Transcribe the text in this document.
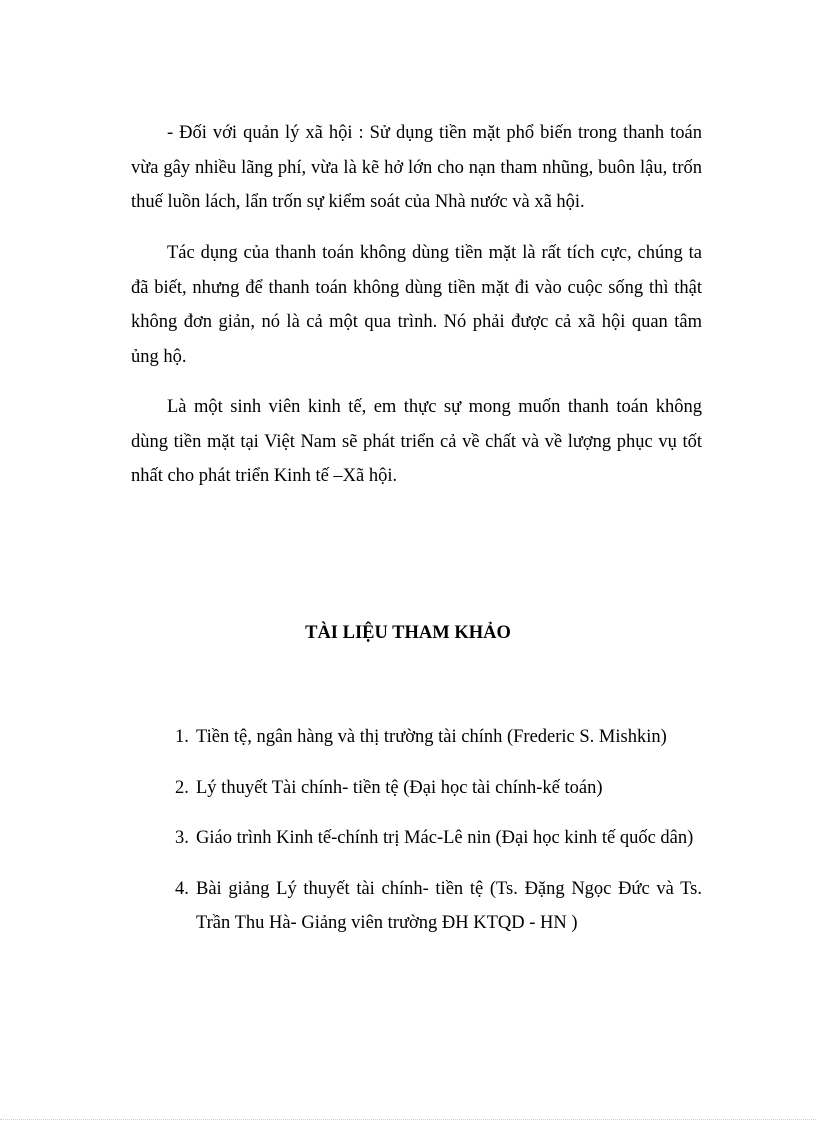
- Đối với quản lý xã hội : Sử dụng tiền mặt phổ biến trong thanh toán vừa gây nhiều lãng phí, vừa là kẽ hở lớn cho nạn tham nhũng, buôn lậu, trốn thuế luồn lách, lẩn trốn sự kiểm soát của Nhà nước và xã hội.

Tác dụng của thanh toán không dùng tiền mặt là rất tích cực, chúng ta đã biết, nhưng để thanh toán không dùng tiền mặt đi vào cuộc sống thì thật không đơn giản, nó là cả một qua trình. Nó phải được cả xã hội quan tâm ủng hộ.

Là một sinh viên kinh tế, em thực sự mong muốn thanh toán không dùng tiền mặt tại Việt Nam sẽ phát triển cả về chất và về lượng phục vụ tốt nhất cho phát triển Kinh tế –Xã hội.

TÀI LIỆU THAM KHẢO
1. Tiền tệ, ngân hàng và thị trường tài chính (Frederic S. Mishkin)
2. Lý thuyết Tài chính- tiền tệ (Đại học tài chính-kế toán)
3. Giáo trình Kinh tế-chính trị Mác-Lê nin (Đại học kinh tế quốc dân)
4. Bài giảng Lý thuyết tài chính- tiền tệ (Ts. Đặng Ngọc Đức và Ts. Trần Thu Hà- Giảng viên trường ĐH KTQD - HN )
